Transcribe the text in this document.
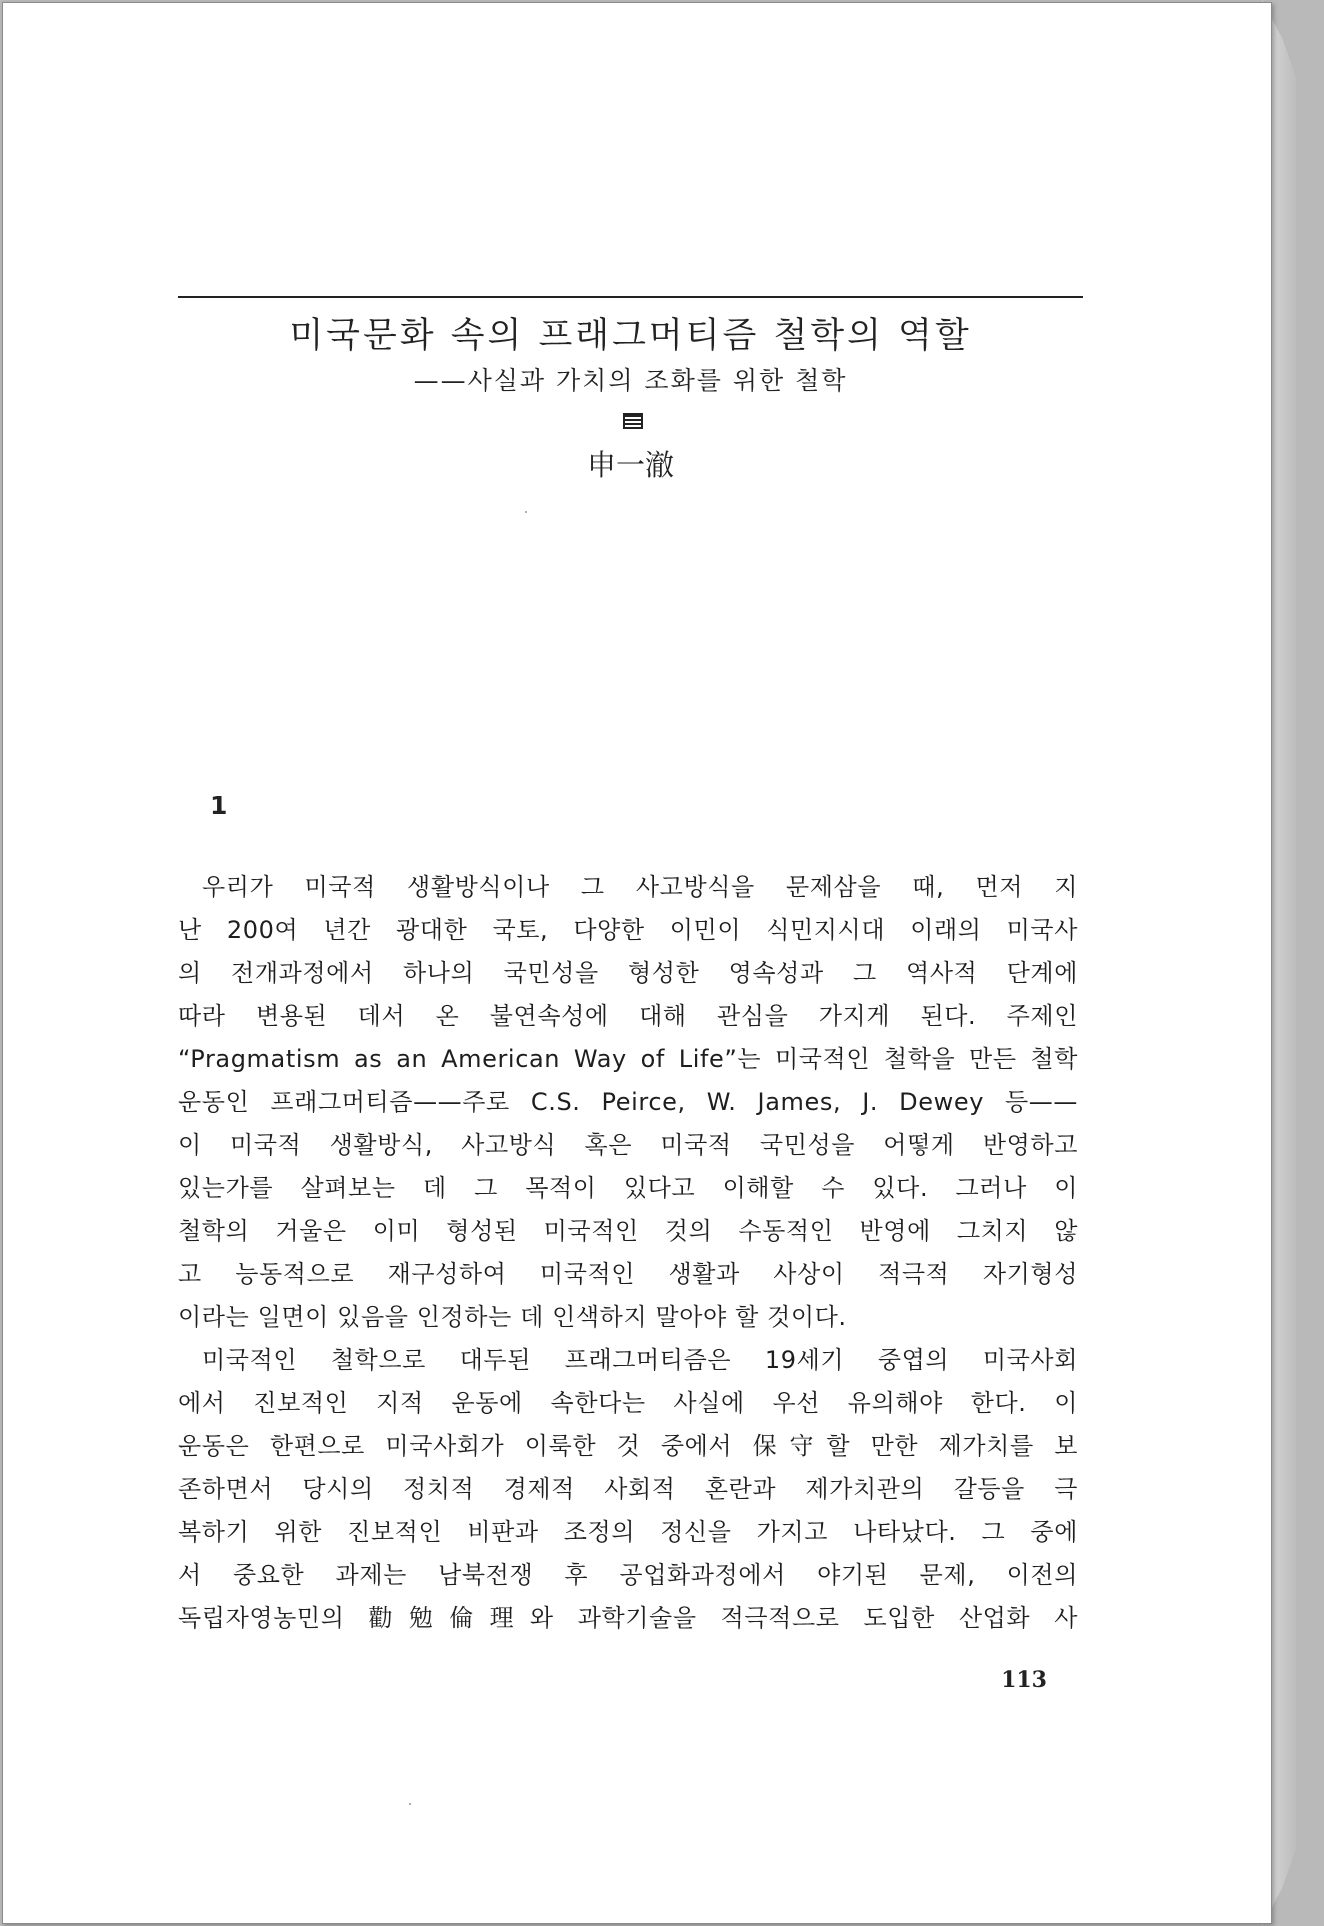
미국문화 속의 프래그머티즘 철학의 역할
——사실과 가치의 조화를 위한 철학
申一澈
1
우리가 미국적 생활방식이나 그 사고방식을 문제삼을 때, 먼저 지
난 200여 년간 광대한 국토, 다양한 이민이 식민지시대 이래의 미국사
의 전개과정에서 하나의 국민성을 형성한 영속성과 그 역사적 단계에
따라 변용된 데서 온 불연속성에 대해 관심을 가지게 된다. 주제인
“Pragmatism as an American Way of Life”는 미국적인 철학을 만든 철학
운동인 프래그머티즘——주로 C.S. Peirce, W. James, J. Dewey 등——
이 미국적 생활방식, 사고방식 혹은 미국적 국민성을 어떻게 반영하고
있는가를 살펴보는 데 그 목적이 있다고 이해할 수 있다. 그러나 이
철학의 거울은 이미 형성된 미국적인 것의 수동적인 반영에 그치지 않
고 능동적으로 재구성하여 미국적인 생활과 사상이 적극적 자기형성
이라는 일면이 있음을 인정하는 데 인색하지 말아야 할 것이다.
미국적인 철학으로 대두된 프래그머티즘은 19세기 중엽의 미국사회
에서 진보적인 지적 운동에 속한다는 사실에 우선 유의해야 한다. 이
운동은 한편으로 미국사회가 이룩한 것 중에서 保守할 만한 제가치를 보
존하면서 당시의 정치적 경제적 사회적 혼란과 제가치관의 갈등을 극
복하기 위한 진보적인 비판과 조정의 정신을 가지고 나타났다. 그 중에
서 중요한 과제는 남북전쟁 후 공업화과정에서 야기된 문제, 이전의
독립자영농민의 勸勉倫理와 과학기술을 적극적으로 도입한 산업화 사
113
